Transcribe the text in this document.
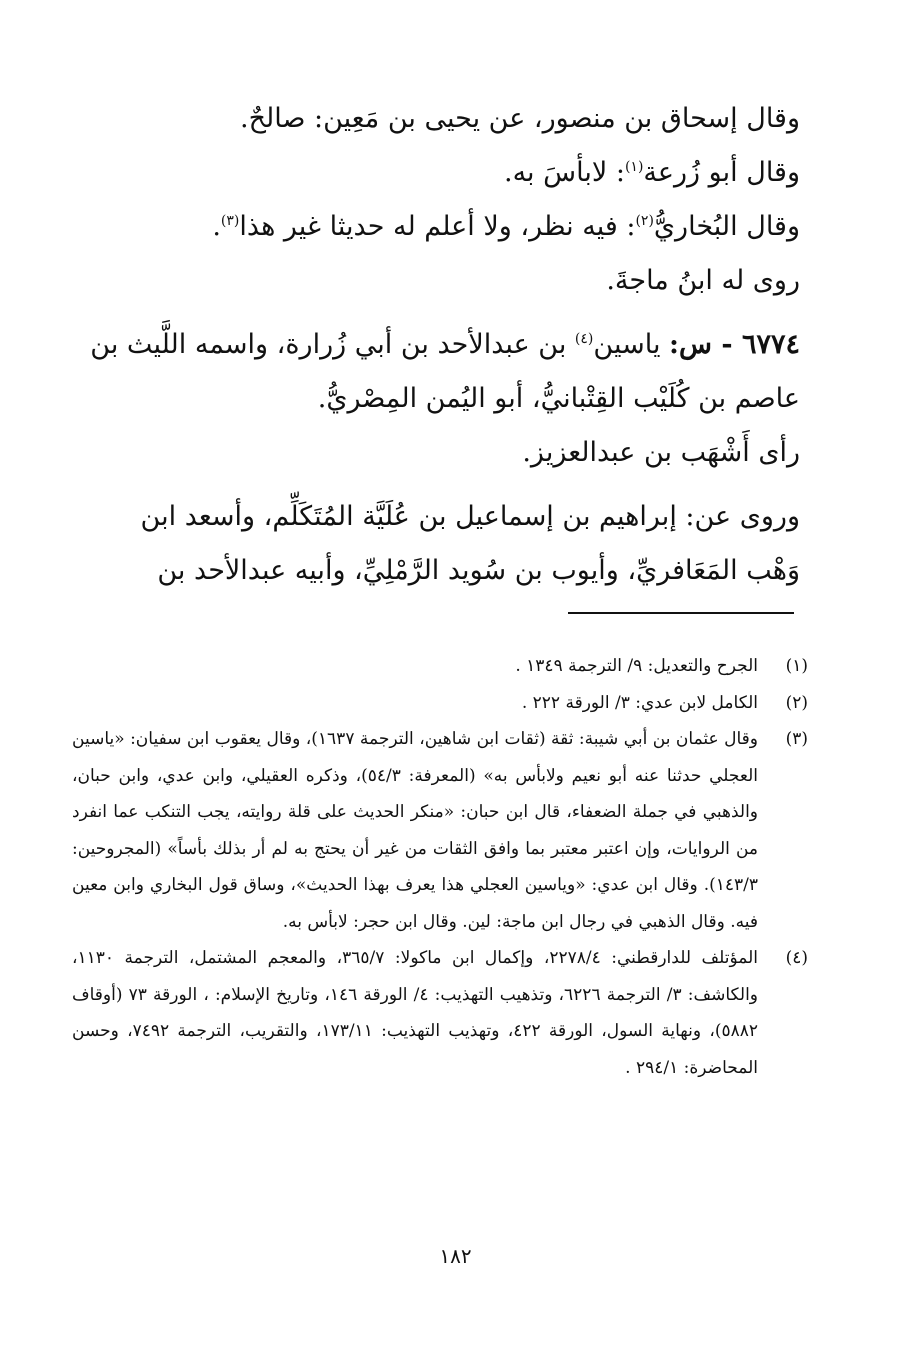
وقال إسحاق بن منصور، عن يحيى بن مَعِين: صالحٌ.

وقال أبو زُرعة$^{(١)}$: لابأسَ به.

وقال البُخاريُّ$^{(٢)}$: فيه نظر، ولا أعلم له حديثا غير هذا$^{(٣)}$.

روى له ابنُ ماجةَ.

٦٧٧٤ - س: ياسين$^{(٤)}$ بن عبدالأحد بن أبي زُرارة، واسمه اللَّيث بن عاصم بن كُلَيْب القِتْبانيُّ، أبو اليُمن المِصْريُّ.

رأى أَشْهَب بن عبدالعزيز.

وروى عن: إبراهيم بن إسماعيل بن عُلَيَّة المُتَكَلِّم، وأسعد ابن وَهْب المَعَافريِّ، وأيوب بن سُويد الرَّمْلِيِّ، وأبيه عبدالأحد بن

(١)
الجرح والتعديل: ٩/ الترجمة ١٣٤٩ .
(٢)
الكامل لابن عدي: ٣/ الورقة ٢٢٢ .
(٣)
وقال عثمان بن أبي شيبة: ثقة (ثقات ابن شاهين، الترجمة ١٦٣٧)، وقال يعقوب ابن سفيان: «ياسين العجلي حدثنا عنه أبو نعيم ولابأس به» (المعرفة: ٥٤/٣)، وذكره العقيلي، وابن عدي، وابن حبان، والذهبي في جملة الضعفاء، قال ابن حبان: «منكر الحديث على قلة روايته، يجب التنكب عما انفرد من الروايات، وإن اعتبر معتبر بما وافق الثقات من غير أن يحتج به لم أر بذلك بأساً» (المجروحين: ١٤٣/٣). وقال ابن عدي: «وياسين العجلي هذا يعرف بهذا الحديث»، وساق قول البخاري وابن معين فيه. وقال الذهبي في رجال ابن ماجة: لين. وقال ابن حجر: لابأس به.
(٤)
المؤتلف للدارقطني: ٢٢٧٨/٤، وإكمال ابن ماكولا: ٣٦٥/٧، والمعجم المشتمل، الترجمة ١١٣٠، والكاشف: ٣/ الترجمة ٦٢٢٦، وتذهيب التهذيب: ٤/ الورقة ١٤٦، وتاريخ الإسلام: ، الورقة ٧٣ (أوقاف ٥٨٨٢)، ونهاية السول، الورقة ٤٢٢، وتهذيب التهذيب: ١٧٣/١١، والتقريب، الترجمة ٧٤٩٢، وحسن المحاضرة: ٢٩٤/١ .
١٨٢
